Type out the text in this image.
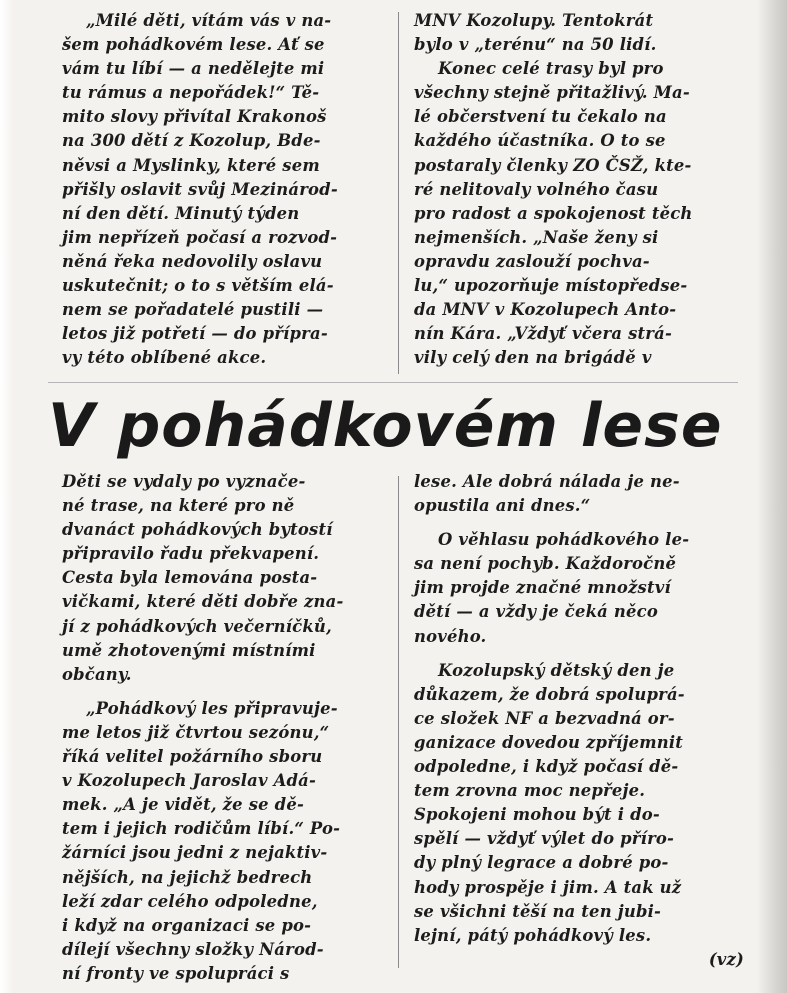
„Milé děti, vítám vás v na-

šem pohádkovém lese. Ať se

vám tu líbí — a nedělejte mi

tu rámus a nepořádek!“ Tě-

mito slovy přivítal Krakonoš

na 300 dětí z Kozolup, Bde-

něvsi a Myslinky, které sem

přišly oslavit svůj Mezinárod-

ní den dětí. Minutý týden

jim nepřízeň počasí a rozvod-

něná řeka nedovolily oslavu

uskutečnit; o to s větším elá-

nem se pořadatelé pustili —

letos již potřetí — do přípra-

vy této oblíbené akce.

MNV Kozolupy. Tentokrát

bylo v „terénu“ na 50 lidí.

Konec celé trasy byl pro

všechny stejně přitažlivý. Ma-

lé občerstvení tu čekalo na

každého účastníka. O to se

postaraly členky ZO ČSŽ, kte-

ré nelitovaly volného času

pro radost a spokojenost těch

nejmenších. „Naše ženy si

opravdu zaslouží pochva-

lu,“ upozorňuje místopředse-

da MNV v Kozolupech Anto-

nín Kára. „Vždyť včera strá-

vily celý den na brigádě v

V pohádkovém lese

Děti se vydaly po vyznače-

né trase, na které pro ně

dvanáct pohádkových bytostí

připravilo řadu překvapení.

Cesta byla lemována posta-

vičkami, které děti dobře zna-

jí z pohádkových večerníčků,

umě zhotovenými místními

občany.

„Pohádkový les připravuje-

me letos již čtvrtou sezónu,“

říká velitel požárního sboru

v Kozolupech Jaroslav Adá-

mek. „A je vidět, že se dě-

tem i jejich rodičům líbí.“ Po-

žárníci jsou jedni z nejaktiv-

nějších, na jejichž bedrech

leží zdar celého odpoledne,

i když na organizaci se po-

dílejí všechny složky Národ-

ní fronty ve spolupráci s

lese. Ale dobrá nálada je ne-

opustila ani dnes.“

O věhlasu pohádkového le-

sa není pochyb. Každoročně

jim projde značné množství

dětí — a vždy je čeká něco

nového.

Kozolupský dětský den je

důkazem, že dobrá spoluprá-

ce složek NF a bezvadná or-

ganizace dovedou zpříjemnit

odpoledne, i když počasí dě-

tem zrovna moc nepřeje.

Spokojeni mohou být i do-

spělí — vždyť výlet do příro-

dy plný legrace a dobré po-

hody prospěje i jim. A tak už

se všichni těší na ten jubi-

lejní, pátý pohádkový les.

(vz)
